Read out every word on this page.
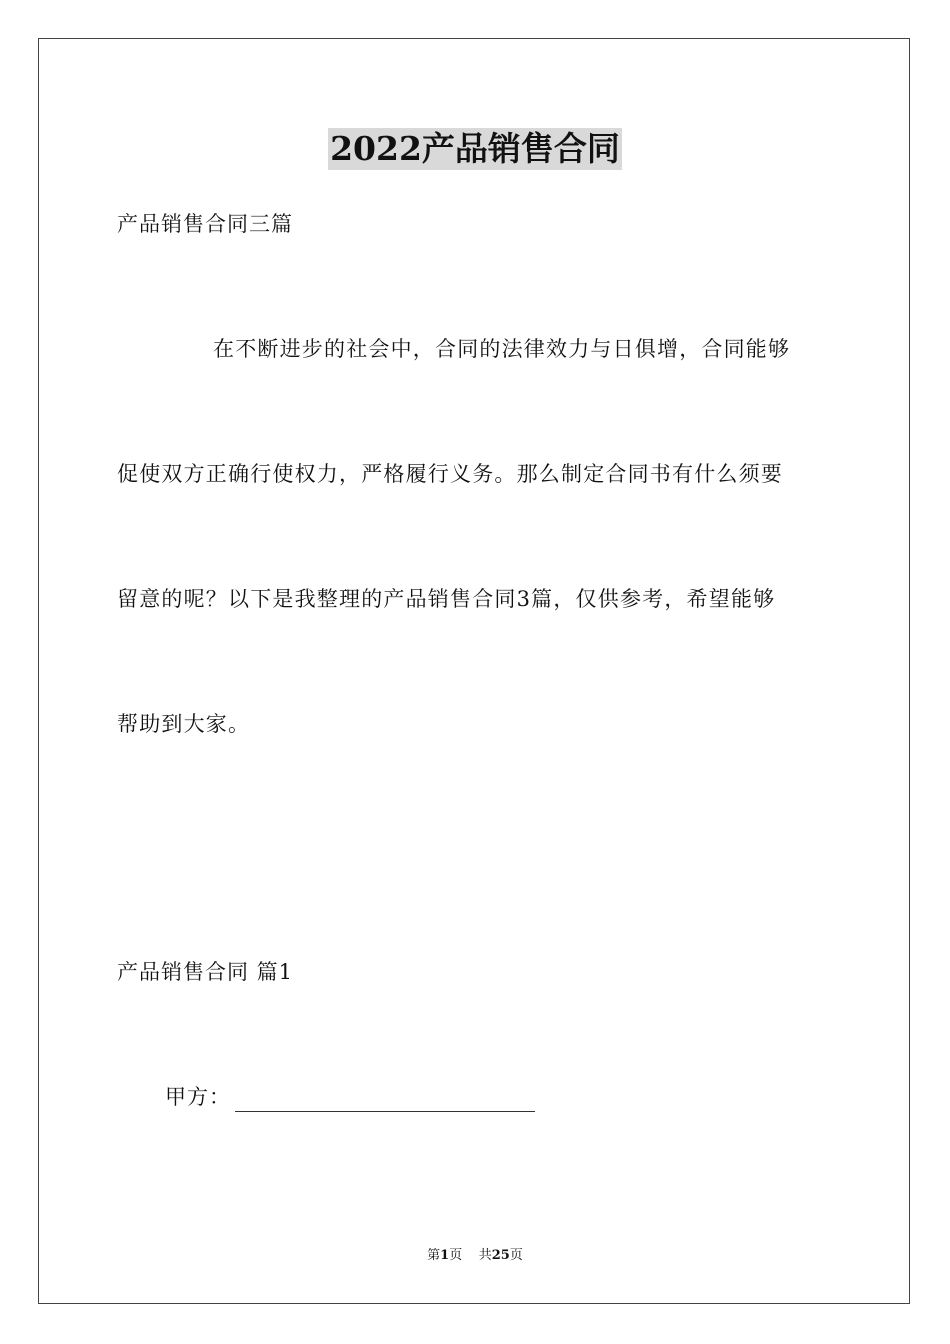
2022产品销售合同
产品销售合同三篇
在不断进步的社会中，合同的法律效力与日俱增，合同能够
促使双方正确行使权力，严格履行义务。那么制定合同书有什么须要
留意的呢？以下是我整理的产品销售合同3篇，仅供参考，希望能够
帮助到大家。
产品销售合同 篇1
甲方：
第1页 共25页
